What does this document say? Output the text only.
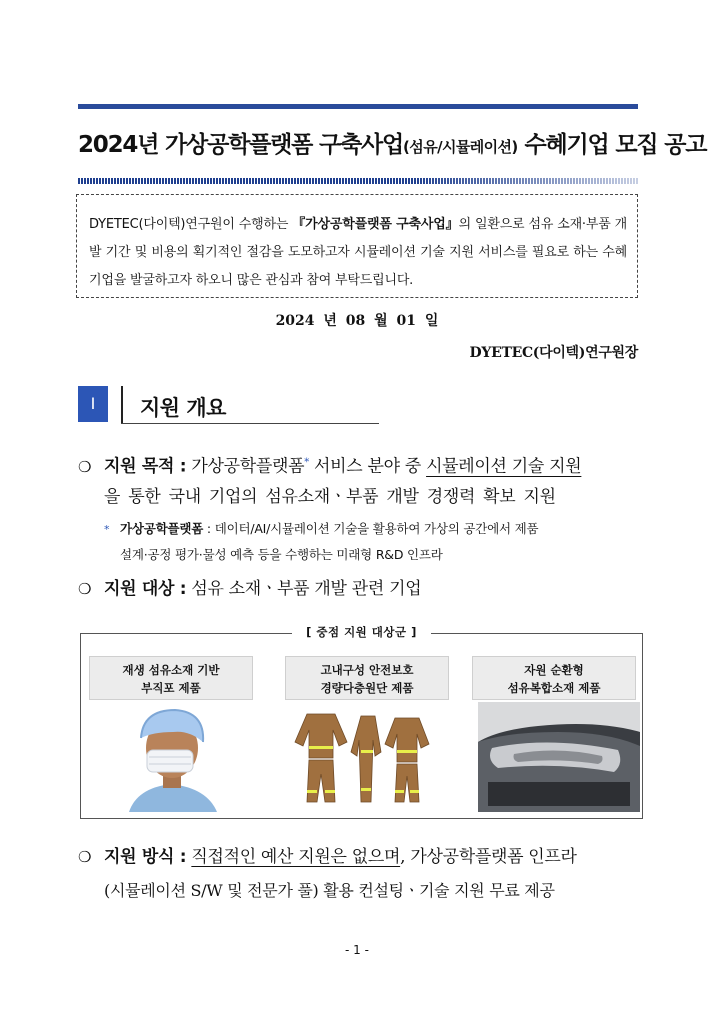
2024년 가상공학플랫폼 구축사업(섬유/시뮬레이션) 수혜기업 모집 공고
DYETEC(다이텍)연구원이 수행하는 『가상공학플랫폼 구축사업』의 일환으로 섬유 소재·부품 개발 기간 및 비용의 획기적인 절감을 도모하고자 시뮬레이션 기술 지원 서비스를 필요로 하는 수혜기업을 발굴하고자 하오니 많은 관심과 참여 부탁드립니다.
2024 년 08 월 01 일
DYETEC(다이텍)연구원장
I	지원 개요
❍ 지원 목적 : 가상공학플랫폼* 서비스 분야 중 시뮬레이션 기술 지원
을 통한 국내 기업의 섬유소재ㆍ부품 개발 경쟁력 확보 지원
* 가상공학플랫폼 : 데이터/AI/시뮬레이션 기술을 활용하여 가상의 공간에서 제품
설계·공정 평가·물성 예측 등을 수행하는 미래형 R&D 인프라
❍ 지원 대상 : 섬유 소재ㆍ부품 개발 관련 기업
[ 중점 지원 대상군 ]
재생 섬유소재 기반
부직포 제품
고내구성 안전보호
경량다층원단 제품
자원 순환형
섬유복합소재 제품
❍ 지원 방식 : 직접적인 예산 지원은 없으며, 가상공학플랫폼 인프라
(시뮬레이션 S/W 및 전문가 풀) 활용 컨설팅ㆍ기술 지원 무료 제공
- 1 -
